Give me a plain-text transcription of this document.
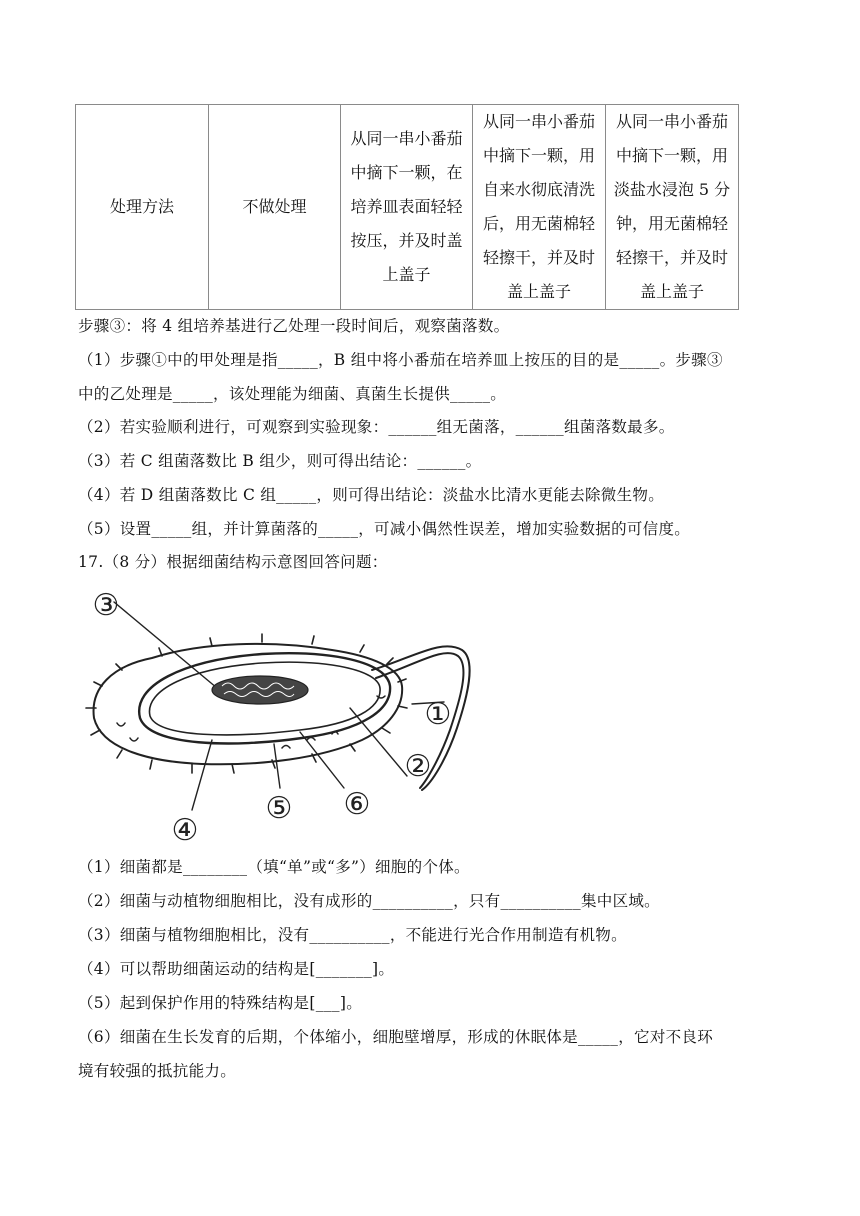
处理方法	不做处理	从同一串小番茄中摘下一颗，在培养皿表面轻轻按压，并及时盖上盖子	从同一串小番茄中摘下一颗，用自来水彻底清洗后，用无菌棉轻轻擦干，并及时盖上盖子	从同一串小番茄中摘下一颗，用淡盐水浸泡 5 分钟，用无菌棉轻轻擦干，并及时盖上盖子
步骤③：将 4 组培养基进行乙处理一段时间后，观察菌落数。
（1）步骤①中的甲处理是指_____，B 组中将小番茄在培养皿上按压的目的是_____。步骤③
中的乙处理是_____，该处理能为细菌、真菌生长提供_____。
（2）若实验顺利进行，可观察到实验现象：______组无菌落，______组菌落数最多。
（3）若 C 组菌落数比 B 组少，则可得出结论：______。
（4）若 D 组菌落数比 C 组_____，则可得出结论：淡盐水比清水更能去除微生物。
（5）设置_____组，并计算菌落的_____，可减小偶然性误差，增加实验数据的可信度。
17.（8 分）根据细菌结构示意图回答问题：
③
①
②
④
⑤ ⑥
（1）细菌都是________（填“单”或“多”）细胞的个体。
（2）细菌与动植物细胞相比，没有成形的__________，只有__________集中区域。
（3）细菌与植物细胞相比，没有__________，不能进行光合作用制造有机物。
（4）可以帮助细菌运动的结构是[_______]。
（5）起到保护作用的特殊结构是[___]。
（6）细菌在生长发育的后期，个体缩小，细胞壁增厚，形成的休眠体是_____，它对不良环
境有较强的抵抗能力。
